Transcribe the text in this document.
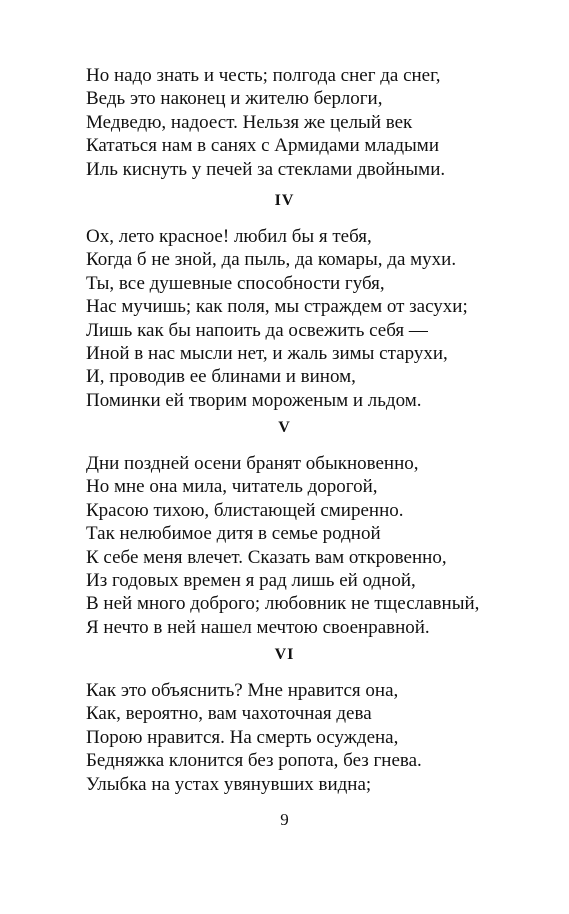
Но надо знать и честь; полгода снег да снег,
Ведь это наконец и жителю берлоги,
Медведю, надоест. Нельзя же целый век
Кататься нам в санях с Армидами младыми
Иль киснуть у печей за стеклами двойными.
IV
Ох, лето красное! любил бы я тебя,
Когда б не зной, да пыль, да комары, да мухи.
Ты, все душевные способности губя,
Нас мучишь; как поля, мы страждем от засухи;
Лишь как бы напоить да освежить себя —
Иной в нас мысли нет, и жаль зимы старухи,
И, проводив ее блинами и вином,
Поминки ей творим мороженым и льдом.
V
Дни поздней осени бранят обыкновенно,
Но мне она мила, читатель дорогой,
Красою тихою, блистающей смиренно.
Так нелюбимое дитя в семье родной
К себе меня влечет. Сказать вам откровенно,
Из годовых времен я рад лишь ей одной,
В ней много доброго; любовник не тщеславный,
Я нечто в ней нашел мечтою своенравной.
VI
Как это объяснить? Мне нравится она,
Как, вероятно, вам чахоточная дева
Порою нравится. На смерть осуждена,
Бедняжка клонится без ропота, без гнева.
Улыбка на устах увянувших видна;
9
